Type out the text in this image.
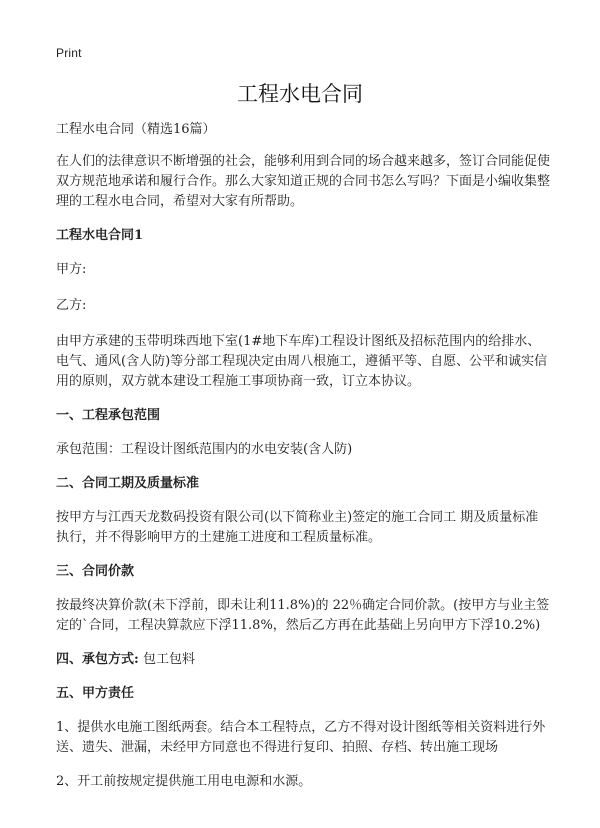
Print
工程水电合同

工程水电合同（精选16篇）

在人们的法律意识不断增强的社会，能够利用到合同的场合越来越多，签订合同能促使双方规范地承诺和履行合作。那么大家知道正规的合同书怎么写吗？下面是小编收集整理的工程水电合同，希望对大家有所帮助。

工程水电合同1

甲方:

乙方:

由甲方承建的玉带明珠西地下室(1#地下车库)工程设计图纸及招标范围内的给排水、电气、通风(含人防)等分部工程现决定由周八根施工，遵循平等、自愿、公平和诚实信用的原则，双方就本建设工程施工事项协商一致，订立本协议。

一、工程承包范围

承包范围：工程设计图纸范围内的水电安装(含人防)

二、合同工期及质量标准

按甲方与江西天龙数码投资有限公司(以下简称业主)签定的施工合同工 期及质量标准执行，并不得影响甲方的土建施工进度和工程质量标准。

三、合同价款

按最终决算价款(未下浮前，即未让利11.8%)的 22％确定合同价款。(按甲方与业主签定的`合同，工程决算款应下浮11.8%，然后乙方再在此基础上另向甲方下浮10.2%)

四、承包方式: 包工包料

五、甲方责任

1、提供水电施工图纸两套。结合本工程特点，乙方不得对设计图纸等相关资料进行外送、遗失、泄漏，未经甲方同意也不得进行复印、拍照、存档、转出施工现场

2、开工前按规定提供施工用电电源和水源。
